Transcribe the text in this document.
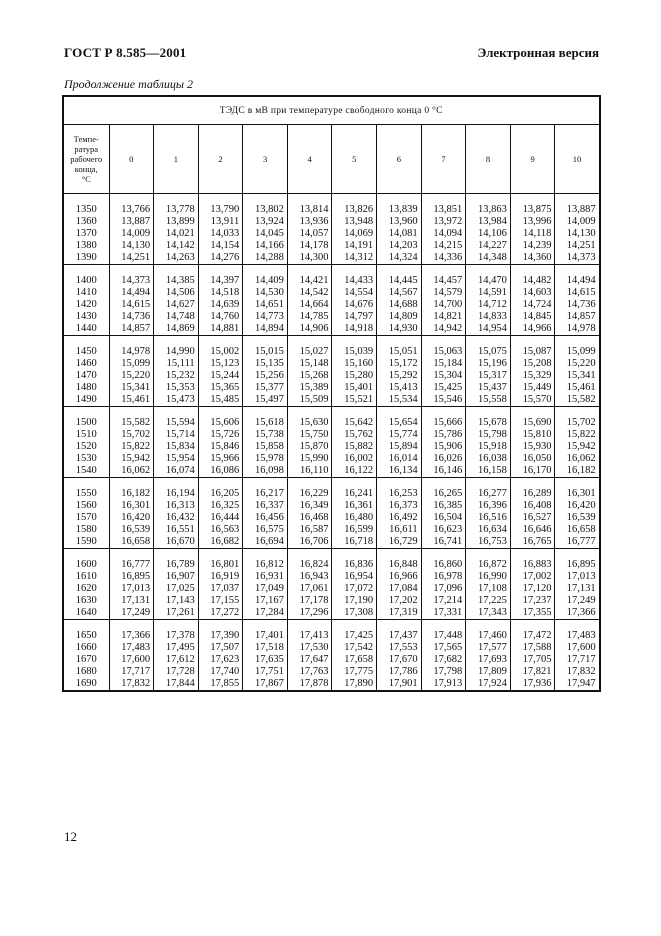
ГОСТ Р 8.585—2001	Электронная версия
Продолжение таблицы 2
ТЭДС в мВ при температуре свободного конца 0 °С											
Темпе-
ратура
рабочего
конца,
°С	0	1	2	3	4	5	6	7	8	9	10

1350	13,766	13,778	13,790	13,802	13,814	13,826	13,839	13,851	13,863	13,875	13,887
1360	13,887	13,899	13,911	13,924	13,936	13,948	13,960	13,972	13,984	13,996	14,009
1370	14,009	14,021	14,033	14,045	14,057	14,069	14,081	14,094	14,106	14,118	14,130
1380	14,130	14,142	14,154	14,166	14,178	14,191	14,203	14,215	14,227	14,239	14,251
1390	14,251	14,263	14,276	14,288	14,300	14,312	14,324	14,336	14,348	14,360	14,373

1400	14,373	14,385	14,397	14,409	14,421	14,433	14,445	14,457	14,470	14,482	14,494
1410	14,494	14,506	14,518	14,530	14,542	14,554	14,567	14,579	14,591	14,603	14,615
1420	14,615	14,627	14,639	14,651	14,664	14,676	14,688	14,700	14,712	14,724	14,736
1430	14,736	14,748	14,760	14,773	14,785	14,797	14,809	14,821	14,833	14,845	14,857
1440	14,857	14,869	14,881	14,894	14,906	14,918	14,930	14,942	14,954	14,966	14,978

1450	14,978	14,990	15,002	15,015	15,027	15,039	15,051	15,063	15,075	15,087	15,099
1460	15,099	15,111	15,123	15,135	15,148	15,160	15,172	15,184	15,196	15,208	15,220
1470	15,220	15,232	15,244	15,256	15,268	15,280	15,292	15,304	15,317	15,329	15,341
1480	15,341	15,353	15,365	15,377	15,389	15,401	15,413	15,425	15,437	15,449	15,461
1490	15,461	15,473	15,485	15,497	15,509	15,521	15,534	15,546	15,558	15,570	15,582

1500	15,582	15,594	15,606	15,618	15,630	15,642	15,654	15,666	15,678	15,690	15,702
1510	15,702	15,714	15,726	15,738	15,750	15,762	15,774	15,786	15,798	15,810	15,822
1520	15,822	15,834	15,846	15,858	15,870	15,882	15,894	15,906	15,918	15,930	15,942
1530	15,942	15,954	15,966	15,978	15,990	16,002	16,014	16,026	16,038	16,050	16,062
1540	16,062	16,074	16,086	16,098	16,110	16,122	16,134	16,146	16,158	16,170	16,182

1550	16,182	16,194	16,205	16,217	16,229	16,241	16,253	16,265	16,277	16,289	16,301
1560	16,301	16,313	16,325	16,337	16,349	16,361	16,373	16,385	16,396	16,408	16,420
1570	16,420	16,432	16,444	16,456	16,468	16,480	16,492	16,504	16,516	16,527	16,539
1580	16,539	16,551	16,563	16,575	16,587	16,599	16,611	16,623	16,634	16,646	16,658
1590	16,658	16,670	16,682	16,694	16,706	16,718	16,729	16,741	16,753	16,765	16,777

1600	16,777	16,789	16,801	16,812	16,824	16,836	16,848	16,860	16,872	16,883	16,895
1610	16,895	16,907	16,919	16,931	16,943	16,954	16,966	16,978	16,990	17,002	17,013
1620	17,013	17,025	17,037	17,049	17,061	17,072	17,084	17,096	17,108	17,120	17,131
1630	17,131	17,143	17,155	17,167	17,178	17,190	17,202	17,214	17,225	17,237	17,249
1640	17,249	17,261	17,272	17,284	17,296	17,308	17,319	17,331	17,343	17,355	17,366

1650	17,366	17,378	17,390	17,401	17,413	17,425	17,437	17,448	17,460	17,472	17,483
1660	17,483	17,495	17,507	17,518	17,530	17,542	17,553	17,565	17,577	17,588	17,600
1670	17,600	17,612	17,623	17,635	17,647	17,658	17,670	17,682	17,693	17,705	17,717
1680	17,717	17,728	17,740	17,751	17,763	17,775	17,786	17,798	17,809	17,821	17,832
1690	17,832	17,844	17,855	17,867	17,878	17,890	17,901	17,913	17,924	17,936	17,947
12
